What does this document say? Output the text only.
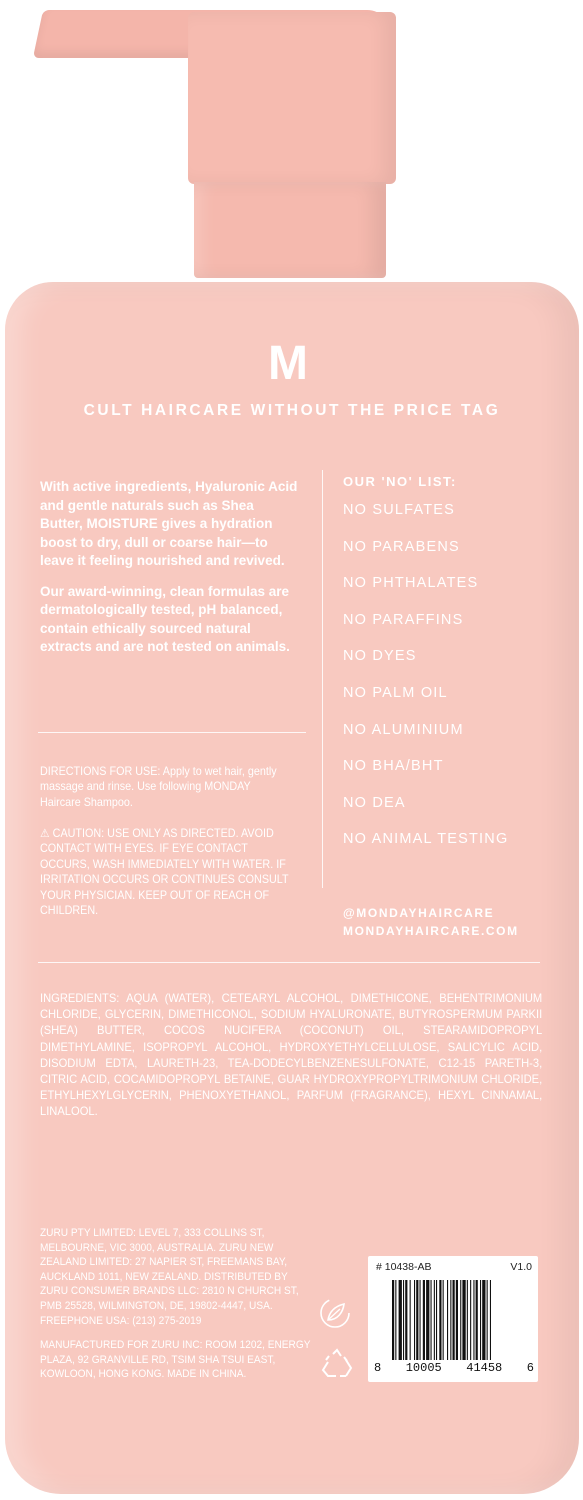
M
CULT HAIRCARE WITHOUT THE PRICE TAG

With active ingredients, Hyaluronic Acid and gentle naturals such as Shea Butter, MOISTURE gives a hydration boost to dry, dull or coarse hair—to leave it feeling nourished and revived.

Our award-winning, clean formulas are dermatologically tested, pH balanced, contain ethically sourced natural extracts and are not tested on animals.

OUR 'NO' LIST:
NO SULFATES
NO PARABENS
NO PHTHALATES
NO PARAFFINS
NO DYES
NO PALM OIL
NO ALUMINIUM
NO BHA/BHT
NO DEA
NO ANIMAL TESTING
@MONDAYHAIRCARE
MONDAYHAIRCARE.COM
DIRECTIONS FOR USE: Apply to wet hair, gently massage and rinse. Use following MONDAY Haircare Shampoo.
⚠ CAUTION: USE ONLY AS DIRECTED. AVOID CONTACT WITH EYES. IF EYE CONTACT OCCURS, WASH IMMEDIATELY WITH WATER. IF IRRITATION OCCURS OR CONTINUES CONSULT YOUR PHYSICIAN. KEEP OUT OF REACH OF CHILDREN.
INGREDIENTS: AQUA (WATER), CETEARYL ALCOHOL, DIMETHICONE, BEHENTRIMONIUM CHLORIDE, GLYCERIN, DIMETHICONOL, SODIUM HYALURONATE, BUTYROSPERMUM PARKII (SHEA) BUTTER, COCOS NUCIFERA (COCONUT) OIL, STEARAMIDOPROPYL DIMETHYLAMINE, ISOPROPYL ALCOHOL, HYDROXYETHYLCELLULOSE, SALICYLIC ACID, DISODIUM EDTA, LAURETH-23, TEA-DODECYLBENZENESULFONATE, C12-15 PARETH-3, CITRIC ACID, COCAMIDOPROPYL BETAINE, GUAR HYDROXYPROPYLTRIMONIUM CHLORIDE, ETHYLHEXYLGLYCERIN, PHENOXYETHANOL, PARFUM (FRAGRANCE), HEXYL CINNAMAL, LINALOOL.
ZURU PTY LIMITED: LEVEL 7, 333 COLLINS ST, MELBOURNE, VIC 3000, AUSTRALIA. ZURU NEW ZEALAND LIMITED: 27 NAPIER ST, FREEMANS BAY, AUCKLAND 1011, NEW ZEALAND. DISTRIBUTED BY ZURU CONSUMER BRANDS LLC: 2810 N CHURCH ST, PMB 25528, WILMINGTON, DE, 19802-4447, USA. FREEPHONE USA: (213) 275-2019
MANUFACTURED FOR ZURU INC: ROOM 1202, ENERGY PLAZA, 92 GRANVILLE RD, TSIM SHA TSUI EAST, KOWLOON, HONG KONG. MADE IN CHINA.
# 10438-AB	V1.0
8 10005 41458 6
